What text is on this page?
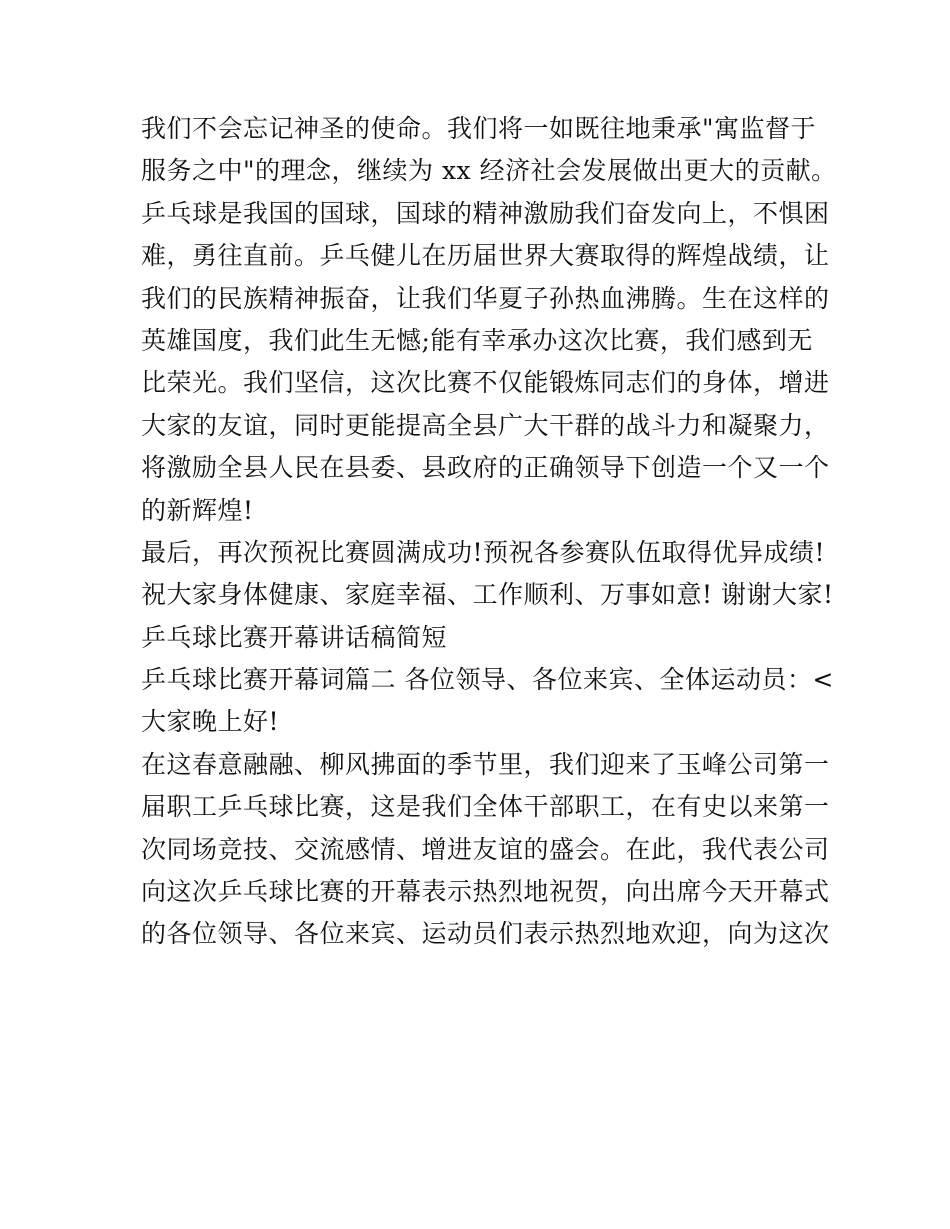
我们不会忘记神圣的使命。我们将一如既往地秉承"寓监督于
服务之中"的理念，继续为 xx 经济社会发展做出更大的贡献。
乒乓球是我国的国球，国球的精神激励我们奋发向上，不惧困
难，勇往直前。乒乓健儿在历届世界大赛取得的辉煌战绩，让
我们的民族精神振奋，让我们华夏子孙热血沸腾。生在这样的
英雄国度，我们此生无憾;能有幸承办这次比赛，我们感到无
比荣光。我们坚信，这次比赛不仅能锻炼同志们的身体，增进
大家的友谊，同时更能提高全县广大干群的战斗力和凝聚力，
将激励全县人民在县委、县政府的正确领导下创造一个又一个
的新辉煌!
最后，再次预祝比赛圆满成功!预祝各参赛队伍取得优异成绩!
祝大家身体健康、家庭幸福、工作顺利、万事如意! 谢谢大家!
乒乓球比赛开幕讲话稿简短
乒乓球比赛开幕词篇二 各位领导、各位来宾、全体运动员：<
大家晚上好!
在这春意融融、柳风拂面的季节里，我们迎来了玉峰公司第一
届职工乒乓球比赛，这是我们全体干部职工，在有史以来第一
次同场竞技、交流感情、增进友谊的盛会。在此，我代表公司
向这次乒乓球比赛的开幕表示热烈地祝贺，向出席今天开幕式
的各位领导、各位来宾、运动员们表示热烈地欢迎，向为这次
